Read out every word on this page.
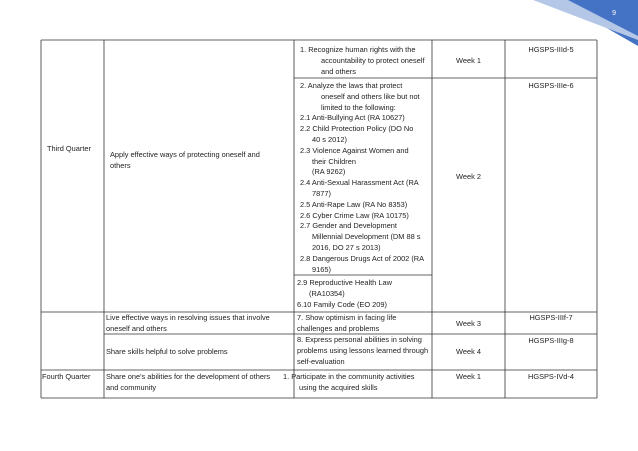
9
Third Quarter
Apply effective ways of protecting oneself and others
1. Recognize human rights with the
accountability to protect oneself
and others
Week 1
HGSPS-IIId-5
2. Analyze the laws that protect
oneself and others like but not
limited to the following:
2.1 Anti-Bullying Act (RA 10627)
2.2 Child Protection Policy (DO No
40 s 2012)
2.3 Violence Against Women and
their Children
(RA 9262)
2.4 Anti-Sexual Harassment Act (RA
7877)
2.5 Anti-Rape Law (RA No 8353)
2.6 Cyber Crime Law (RA 10175)
2.7 Gender and Development
Millennial Development (DM 88 s
2016, DO 27 s 2013)
2.8 Dangerous Drugs Act of 2002 (RA
9165)
Week 2
HGSPS-IIIe-6
2.9 Reproductive Health Law
(RA10354)
6.10 Family Code (EO 209)
Live effective ways in resolving issues that involve
oneself and others
7. Show optimism in facing life
challenges and problems
Week 3
HGSPS-IIIf-7
Share skills helpful to solve problems
8. Express personal abilities in solving
problems using lessons learned through
self-evaluation
Week 4
HGSPS-IIIg-8
Fourth Quarter Share one's abilities for the development of others
and community
1. Participate in the community activities
using the acquired skills
Week 1	HGSPS-IVd-4
